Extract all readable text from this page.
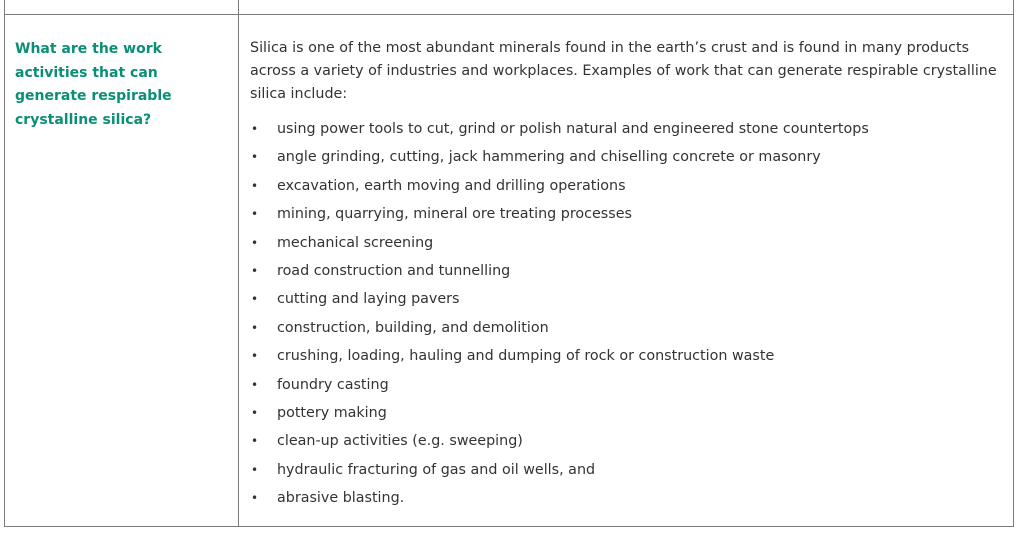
What are the work activities that can generate respirable crystalline silica?

Silica is one of the most abundant minerals found in the earth’s crust and is found in many products across a variety of industries and workplaces. Examples of work that can generate respirable crystalline silica include:

• using power tools to cut, grind or polish natural and engineered stone countertops
• angle grinding, cutting, jack hammering and chiselling concrete or masonry
• excavation, earth moving and drilling operations
• mining, quarrying, mineral ore treating processes
• mechanical screening
• road construction and tunnelling
• cutting and laying pavers
• construction, building, and demolition
• crushing, loading, hauling and dumping of rock or construction waste
• foundry casting
• pottery making
• clean-up activities (e.g. sweeping)
• hydraulic fracturing of gas and oil wells, and
• abrasive blasting.
